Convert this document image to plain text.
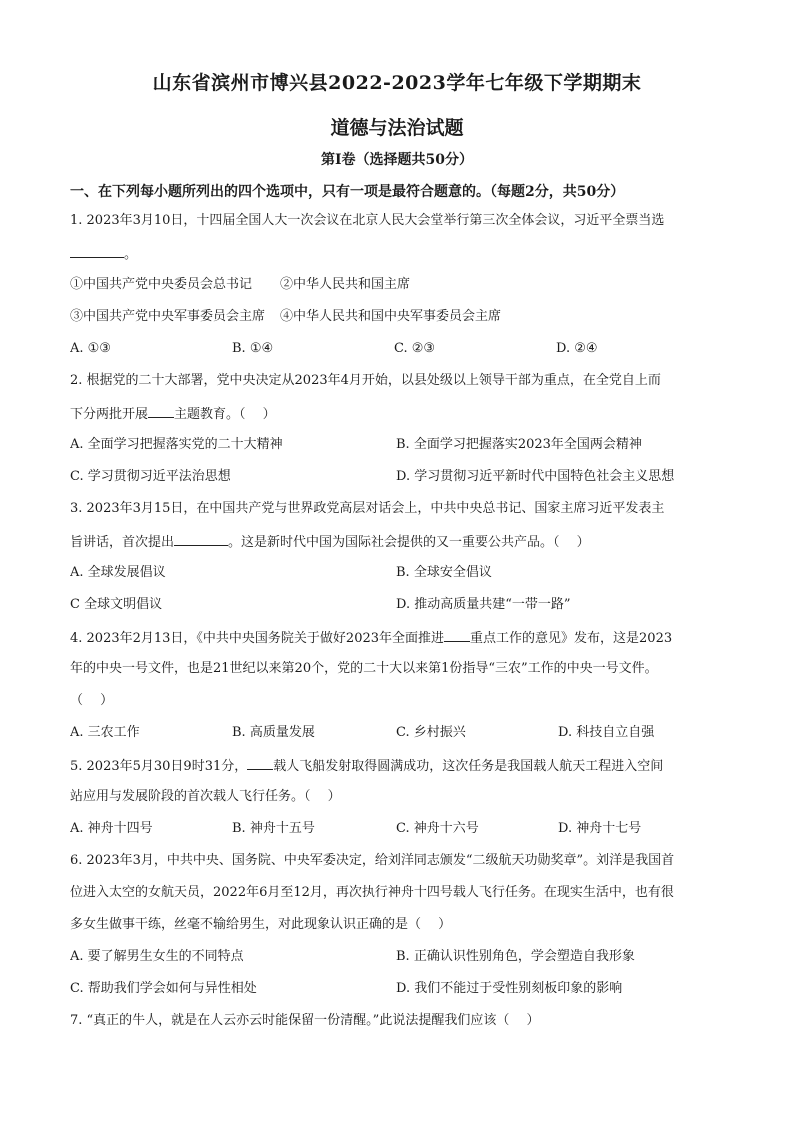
山东省滨州市博兴县2022-2023学年七年级下学期期末
道德与法治试题
第Ⅰ卷（选择题共50分）
一、在下列每小题所列出的四个选项中，只有一项是最符合题意的。（每题2分，共50分）
1. 2023年3月10日，十四届全国人大一次会议在北京人民大会堂举行第三次全体会议，习近平全票当选
。
①中国共产党中央委员会总书记	②中华人民共和国主席
③中国共产党中央军事委员会主席	④中华人民共和国中央军事委员会主席
A. ①③	B. ①④	C. ②③	D. ②④
2. 根据党的二十大部署，党中央决定从2023年4月开始，以县处级以上领导干部为重点，在全党自上而
下分两批开展 主题教育。（　 ）
A. 全面学习把握落实党的二十大精神	B. 全面学习把握落实2023年全国两会精神
C. 学习贯彻习近平法治思想	D. 学习贯彻习近平新时代中国特色社会主义思想
3. 2023年3月15日，在中国共产党与世界政党高层对话会上，中共中央总书记、国家主席习近平发表主
旨讲话，首次提出	。这是新时代中国为国际社会提供的又一重要公共产品。（　 ）
A. 全球发展倡议	B. 全球安全倡议
C 全球文明倡议	D. 推动高质量共建“一带一路”
4. 2023年2月13日，《中共中央国务院关于做好2023年全面推进 重点工作的意见》发布，这是2023
年的中央一号文件，也是21世纪以来第20个，党的二十大以来第1份指导“三农”工作的中央一号文件。
（　 ）
A. 三农工作	B. 高质量发展	C. 乡村振兴	D. 科技自立自强
5. 2023年5月30日9时31分， 载人飞船发射取得圆满成功，这次任务是我国载人航天工程进入空间
站应用与发展阶段的首次载人飞行任务。（　 ）
A. 神舟十四号	B. 神舟十五号	C. 神舟十六号	D. 神舟十七号
6. 2023年3月，中共中央、国务院、中央军委决定，给刘洋同志颁发“二级航天功勋奖章”。刘洋是我国首
位进入太空的女航天员，2022年6月至12月，再次执行神舟十四号载人飞行任务。在现实生活中，也有很
多女生做事干练，丝毫不输给男生，对此现象认识正确的是（　 ）
A. 要了解男生女生的不同特点	B. 正确认识性别角色，学会塑造自我形象
C. 帮助我们学会如何与异性相处	D. 我们不能过于受性别刻板印象的影响
7. “真正的牛人，就是在人云亦云时能保留一份清醒。”此说法提醒我们应该（　 ）
